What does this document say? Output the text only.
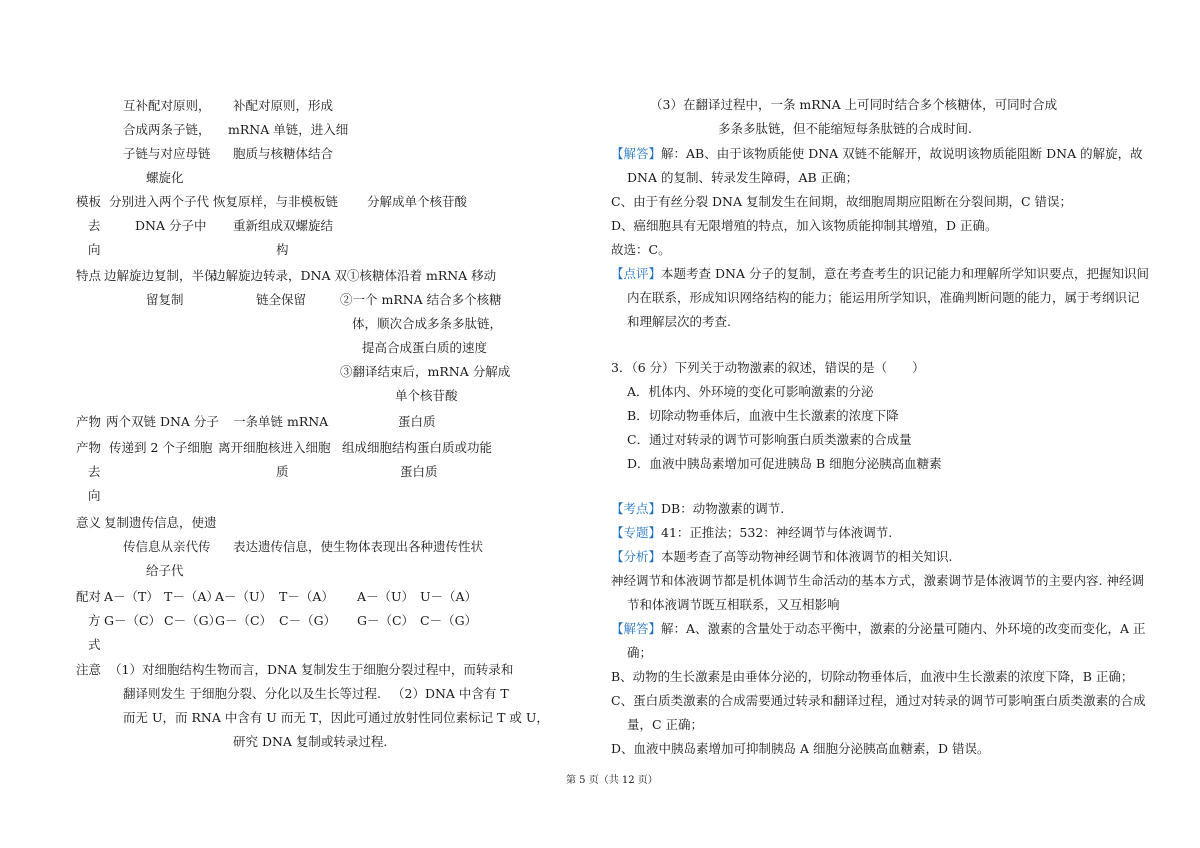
互补配对原则，
合成两条子链，
子链与对应母链
螺旋化
补配对原则，形成
mRNA 单链，进入细
胞质与核糖体结合
模板
去
向
分别进入两个子代
DNA 分子中
恢复原样，与非模板链
重新组成双螺旋结
构
分解成单个核苷酸
特点 边解旋边复制，半保
留复制
边解旋边转录，DNA 双
链全保留
①核糖体沿着 mRNA 移动
②一个 mRNA 结合多个核糖
体，顺次合成多条多肽链，
提高合成蛋白质的速度
③翻译结束后，mRNA 分解成
单个核苷酸
产物 两个双链 DNA 分子 一条单链 mRNA	蛋白质
产物
去
向
传递到 2 个子细胞 离开细胞核进入细胞
质
组成细胞结构蛋白质或功能
蛋白质
意义 复制遗传信息，使遗
传信息从亲代传
给子代
表达遗传信息，使生物体表现出各种遗传性状
配对
方
式
A－（T） T－（A）
A－（U） T－（A） A－（U） U－（A）
G－（C） C－（G）
G－（C） C－（G） G－（C） C－（G）
注意 （1）对细胞结构生物而言，DNA 复制发生于细胞分裂过程中，而转录和
翻译则发生 于细胞分裂、分化以及生长等过程. （2）DNA 中含有 T
而无 U，而 RNA 中含有 U 而无 T，因此可通过放射性同位素标记 T 或 U，
研究 DNA 复制或转录过程.
（3）在翻译过程中，一条 mRNA 上可同时结合多个核糖体，可同时合成
多条多肽链，但不能缩短每条肽链的合成时间.
【解答】解：AB、由于该物质能使 DNA 双链不能解开，故说明该物质能阻断 DNA 的解旋，故
DNA 的复制、转录发生障碍，AB 正确；
C、由于有丝分裂 DNA 复制发生在间期，故细胞周期应阻断在分裂间期，C 错误；
D、癌细胞具有无限增殖的特点，加入该物质能抑制其增殖，D 正确。
故选：C。
【点评】本题考查 DNA 分子的复制，意在考查考生的识记能力和理解所学知识要点，把握知识间
内在联系，形成知识网络结构的能力；能运用所学知识，准确判断问题的能力，属于考纲识记
和理解层次的考查.
3．（6 分）下列关于动物激素的叙述，错误的是（　　）
A．机体内、外环境的变化可影响激素的分泌
B．切除动物垂体后，血液中生长激素的浓度下降
C．通过对转录的调节可影响蛋白质类激素的合成量
D．血液中胰岛素增加可促进胰岛 B 细胞分泌胰高血糖素
【考点】DB：动物激素的调节.
【专题】41：正推法；532：神经调节与体液调节.
【分析】本题考查了高等动物神经调节和体液调节的相关知识.
神经调节和体液调节都是机体调节生命活动的基本方式，激素调节是体液调节的主要内容. 神经调
节和体液调节既互相联系，又互相影响
【解答】解：A、激素的含量处于动态平衡中，激素的分泌量可随内、外环境的改变而变化，A 正
确；
B、动物的生长激素是由垂体分泌的，切除动物垂体后，血液中生长激素的浓度下降，B 正确；
C、蛋白质类激素的合成需要通过转录和翻译过程，通过对转录的调节可影响蛋白质类激素的合成
量，C 正确；
D、血液中胰岛素增加可抑制胰岛 A 细胞分泌胰高血糖素，D 错误。
第 5 页（共 12 页）
